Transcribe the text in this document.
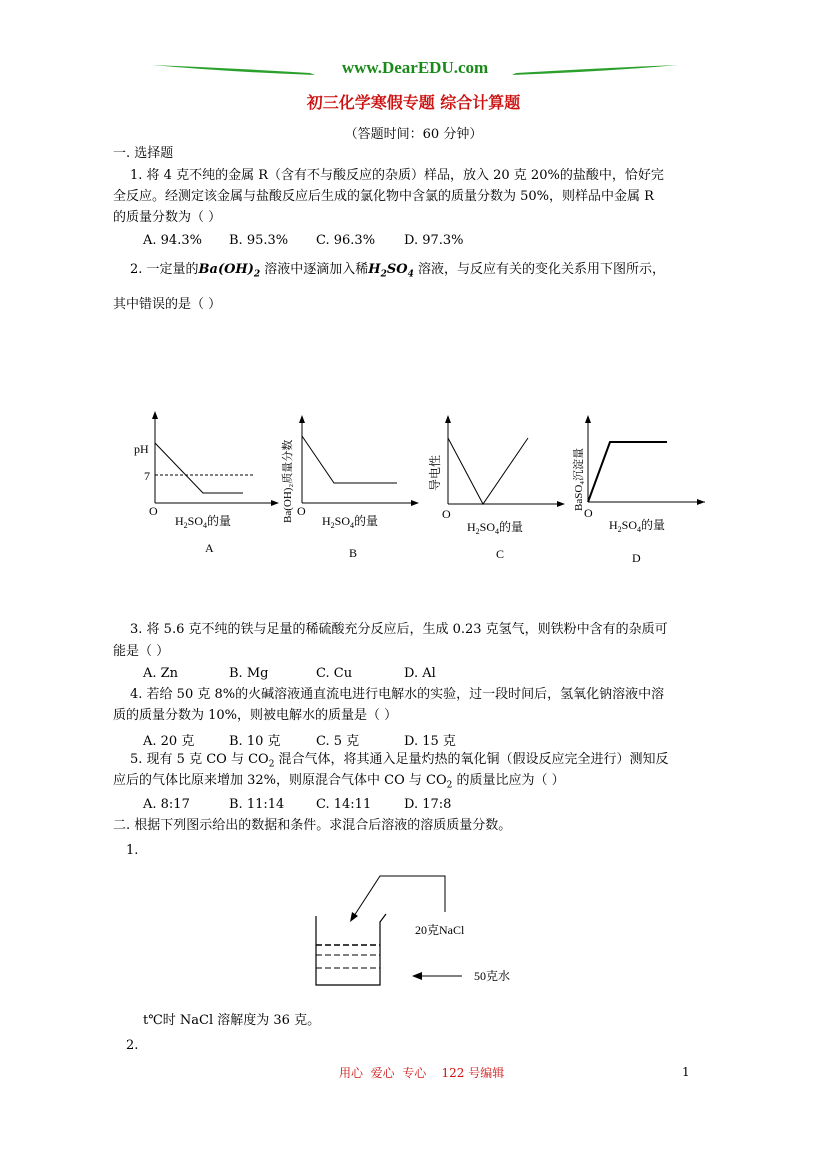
www.DearEDU.com
初三化学寒假专题 综合计算题
（答题时间：60 分钟）
一. 选择题
1. 将 4 克不纯的金属 R（含有不与酸反应的杂质）样品，放入 20 克 20%的盐酸中，恰好完
全反应。经测定该金属与盐酸反应后生成的氯化物中含氯的质量分数为 50%，则样品中金属 R
的质量分数为（ ）
A. 94.3% B. 95.3% C. 96.3% D. 97.3%
2. 一定量的$Ba(OH)_2$ 溶液中逐滴加入稀$H_2SO_4$ 溶液，与反应有关的变化关系用下图所示，
其中错误的是（ ）
pH
7
O
$H_2SO_4$的量
A
Ba(OH)₂质量分数 O
$H_2SO_4$的量
B
导电性
O
$H_2SO_4$的量
C
BaSO₄沉淀量
O
$H_2SO_4$的量
D
3. 将 5.6 克不纯的铁与足量的稀硫酸充分反应后，生成 0.23 克氢气，则铁粉中含有的杂质可
能是（ ）
A. Zn	B. Mg	C. Cu	D. Al
4. 若给 50 克 8%的火碱溶液通直流电进行电解水的实验，过一段时间后，氢氧化钠溶液中溶
质的质量分数为 10%，则被电解水的质量是（ ）
A. 20 克	B. 10 克	C. 5 克	D. 15 克
5. 现有 5 克 CO 与 $CO_2$ 混合气体，将其通入足量灼热的氧化铜（假设反应完全进行）测知反
应后的气体比原来增加 32%，则原混合气体中 CO 与 $CO_2$ 的质量比应为（ ）
A. 8:17	B. 11:14 C. 14:11	D. 17:8
二. 根据下列图示给出的数据和条件。求混合后溶液的溶质质量分数。
1.
20克NaCl
50克水
t℃时 NaCl 溶解度为 36 克。
2.
用心  爱心  专心    122 号编辑	1
